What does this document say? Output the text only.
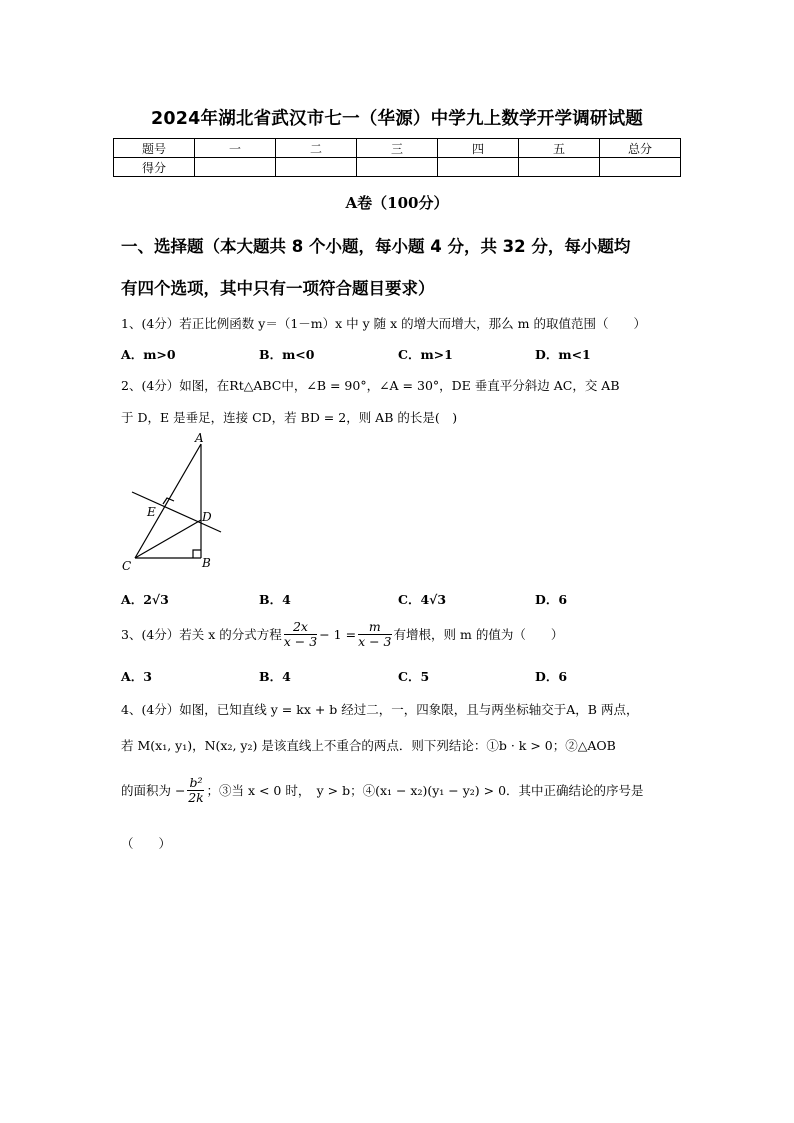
2024年湖北省武汉市七一（华源）中学九上数学开学调研试题
题号	一	二	三	四	五	总分
得分						
A卷（100分）
一、选择题（本大题共 8 个小题，每小题 4 分，共 32 分，每小题均
有四个选项，其中只有一项符合题目要求）
1、(4分）若正比例函数 y＝（1－m）x 中 y 随 x 的增大而增大，那么 m 的取值范围（　　）
A．m>0	B．m<0	C．m>1	D．m<1
2、(4分）如图，在Rt△ABC中，∠B = 90°，∠A = 30°，DE 垂直平分斜边 AC，交 AB
于 D，E 是垂足，连接 CD，若 BD = 2，则 AB 的长是(　)
A
E	D
C	B
A．2√3	B．4	C．4√3	D．6
3、(4分）若关 x 的分式方程 $\frac{2x}{x - 3} - 1 = \frac{m}{x - 3}$ 有增根，则 m 的值为（　　）
A．3	B．4	C．5	D．6
4、(4分）如图，已知直线 y = kx + b 经过二，一，四象限，且与两坐标轴交于A，B 两点，
若 M(x₁, y₁)，N(x₂, y₂) 是该直线上不重合的两点．则下列结论：①b · k > 0；②△AOB
的面积为 − $\frac{\text{b²}}{2k}$ ；③当 x < 0 时，　y > b；④(x₁ − x₂)(y₁ − y₂) > 0．其中正确结论的序号是
（　　）
